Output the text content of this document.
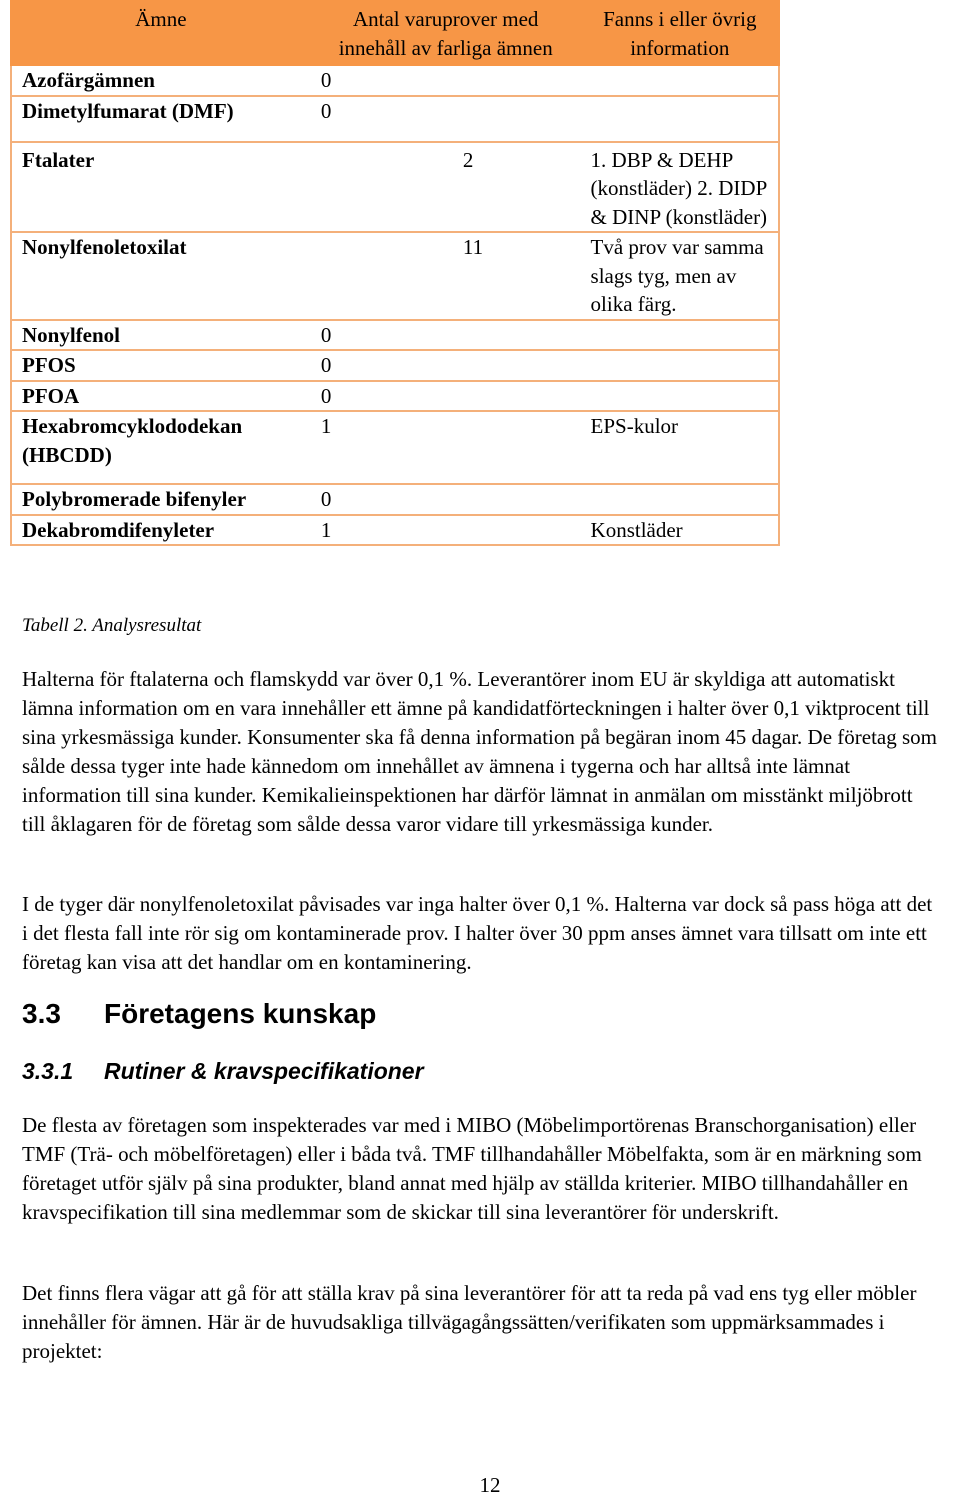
Ämne	Antal varuprover med innehåll av farliga ämnen	Fanns i eller övrig information
Azofärgämnen	0	
Dimetylfumarat (DMF)	0	
Ftalater	2	1. DBP & DEHP (konstläder) 2. DIDP & DINP (konstläder)
Nonylfenoletoxilat	11	Två prov var samma slags tyg, men av olika färg.
Nonylfenol	0	
PFOS	0	
PFOA	0	
Hexabromcyklododekan (HBCDD)	1	EPS-kulor
Polybromerade bifenyler	0	
Dekabromdifenyleter	1	Konstläder
Tabell 2. Analysresultat

Halterna för ftalaterna och flamskydd var över 0,1 %. Leverantörer inom EU är skyldiga att automatiskt lämna information om en vara innehåller ett ämne på kandidatförteckningen i halter över 0,1 viktprocent till sina yrkesmässiga kunder. Konsumenter ska få denna information på begäran inom 45 dagar. De företag som sålde dessa tyger inte hade kännedom om innehållet av ämnena i tygerna och har alltså inte lämnat information till sina kunder. Kemikalieinspektionen har därför lämnat in anmälan om misstänkt miljöbrott till åklagaren för de företag som sålde dessa varor vidare till yrkesmässiga kunder.

I de tyger där nonylfenoletoxilat påvisades var inga halter över 0,1 %. Halterna var dock så pass höga att det i det flesta fall inte rör sig om kontaminerade prov. I halter över 30 ppm anses ämnet vara tillsatt om inte ett företag kan visa att det handlar om en kontaminering.

3.3 Företagens kunskap
3.3.1 Rutiner & kravspecifikationer

De flesta av företagen som inspekterades var med i MIBO (Möbelimportörenas Branschorganisation) eller TMF (Trä- och möbelföretagen) eller i båda två. TMF tillhandahåller Möbelfakta, som är en märkning som företaget utför själv på sina produkter, bland annat med hjälp av ställda kriterier. MIBO tillhandahåller en kravspecifikation till sina medlemmar som de skickar till sina leverantörer för underskrift.

Det finns flera vägar att gå för att ställa krav på sina leverantörer för att ta reda på vad ens tyg eller möbler innehåller för ämnen. Här är de huvudsakliga tillvägagångssätten/verifikaten som uppmärksammades i projektet:

12
